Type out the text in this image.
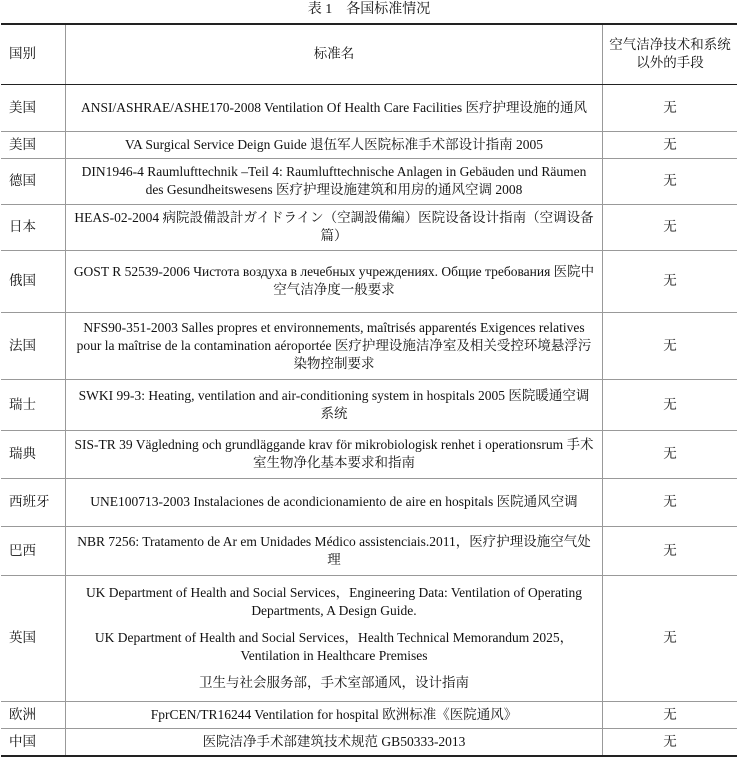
表 1　各国标准情况
国别	标准名	空气洁净技术和系统以外的手段
美国	ANSI/ASHRAE/ASHE170-2008 Ventilation Of Health Care Facilities 医疗护理设施的通风	无
美国	VA Surgical Service Deign Guide 退伍军人医院标准手术部设计指南 2005	无
德国	DIN1946-4 Raumlufttechnik –Teil 4: Raumlufttechnische Anlagen in Gebäuden und Räumen des Gesundheitswesens 医疗护理设施建筑和用房的通风空调 2008	无
日本	HEAS-02-2004 病院設備設計ガイドライン（空調設備編）医院设备设计指南（空调设备篇）	无
俄国	GOST R 52539-2006 Чистота воздуха в лечебных учреждениях. Общие требования 医院中空气洁净度一般要求	无
法国	NFS90-351-2003 Salles propres et environnements, maîtrisés apparentés Exigences relatives pour la maîtrise de la contamination aéroportée 医疗护理设施洁净室及相关受控环境悬浮污染物控制要求	无
瑞士	SWKI 99-3: Heating, ventilation and air-conditioning system in hospitals 2005 医院暖通空调系统	无
瑞典	SIS-TR 39 Vägledning och grundläggande krav för mikrobiologisk renhet i operationsrum 手术室生物净化基本要求和指南	无
西班牙	UNE100713-2003 Instalaciones de acondicionamiento de aire en hospitals 医院通风空调	无
巴西	NBR 7256: Tratamento de Ar em Unidades Médico assistenciais.2011，医疗护理设施空气处理	无
英国	UK Department of Health and Social Services，Engineering Data: Ventilation of Operating Departments, A Design Guide.
UK Department of Health and Social Services，Health Technical Memorandum 2025，Ventilation in Healthcare Premises
卫生与社会服务部，手术室部通风，设计指南	无
欧洲	FprCEN/TR16244 Ventilation for hospital 欧洲标准《医院通风》	无
中国	医院洁净手术部建筑技术规范 GB50333-2013	无
